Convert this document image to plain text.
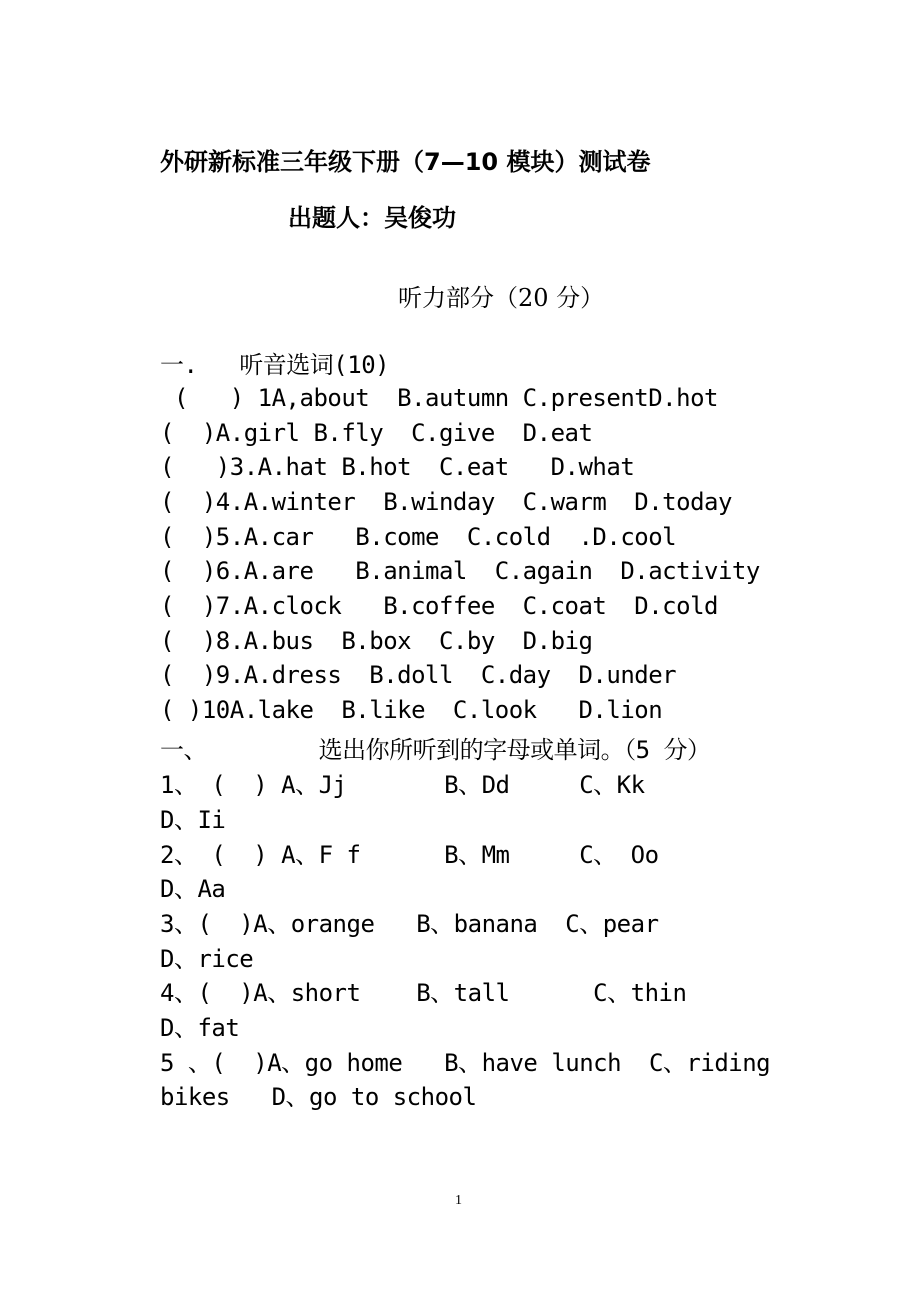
外研新标准三年级下册（7—10 模块）测试卷
出题人：吴俊功
听力部分（20 分）
一.   听音选词(10)
(   ) 1A,about  B.autumn C.presentD.hot
(  )A.girl B.fly  C.give  D.eat
(   )3.A.hat B.hot  C.eat   D.what
(  )4.A.winter  B.winday  C.warm  D.today
(  )5.A.car   B.come  C.cold  .D.cool
(  )6.A.are   B.animal  C.again  D.activity
(  )7.A.clock   B.coffee  C.coat  D.cold
(  )8.A.bus  B.box  C.by  D.big
(  )9.A.dress  B.doll  C.day  D.under
( )10A.lake  B.like  C.look   D.lion
一、        选出你所听到的字母或单词。（5 分）
1、 (  ) A、Jj       B、Dd     C、Kk
D、Ii
2、 (  ) A、F f      B、Mm     C、 Oo
D、Aa
3、(  )A、orange   B、banana  C、pear
D、rice
4、(  )A、short    B、tall      C、thin
D、fat
5 、(  )A、go home   B、have lunch  C、riding
bikes   D、go to school
1
